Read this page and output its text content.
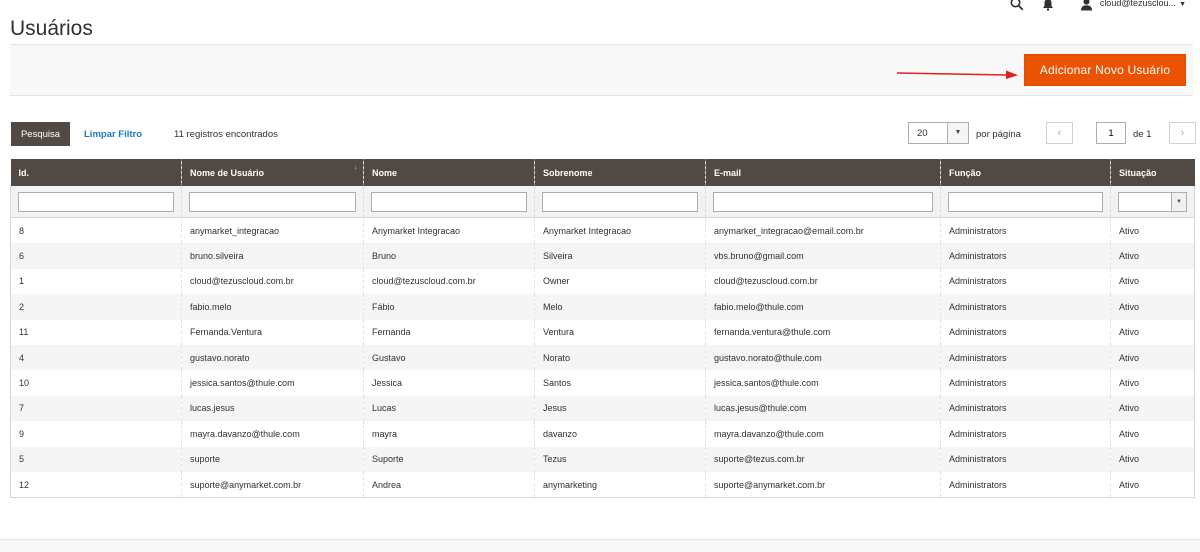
Usuários
cloud@tezusclou... ▼
Adicionar Novo Usuário
Pesquisa	Limpar Filtro	11 registros encontrados	20	▼	por página	‹
1	de 1	›
Id.	Nome de Usuário ↓	Nome	Sobrenome	E-mail	Função	Situação

▼

8	anymarket_integracao	Anymarket Integracao	Anymarket Integracao	anymarket_integracao@email.com.br	Administrators	Ativo
6	bruno.silveira	Bruno	Silveira	vbs.bruno@gmail.com	Administrators	Ativo
1	cloud@tezuscloud.com.br	cloud@tezuscloud.com.br	Owner	cloud@tezuscloud.com.br	Administrators	Ativo
2	fabio.melo	Fábio	Melo	fabio.melo@thule.com	Administrators	Ativo
11	Fernanda.Ventura	Fernanda	Ventura	fernanda.ventura@thule.com	Administrators	Ativo
4	gustavo.norato	Gustavo	Norato	gustavo.norato@thule.com	Administrators	Ativo
10	jessica.santos@thule.com	Jessica	Santos	jessica.santos@thule.com	Administrators	Ativo
7	lucas.jesus	Lucas	Jesus	lucas.jesus@thule.com	Administrators	Ativo
9	mayra.davanzo@thule.com	mayra	davanzo	mayra.davanzo@thule.com	Administrators	Ativo
5	suporte	Suporte	Tezus	suporte@tezus.com.br	Administrators	Ativo
12	suporte@anymarket.com.br	Andrea	anymarketing	suporte@anymarket.com.br	Administrators	Ativo
